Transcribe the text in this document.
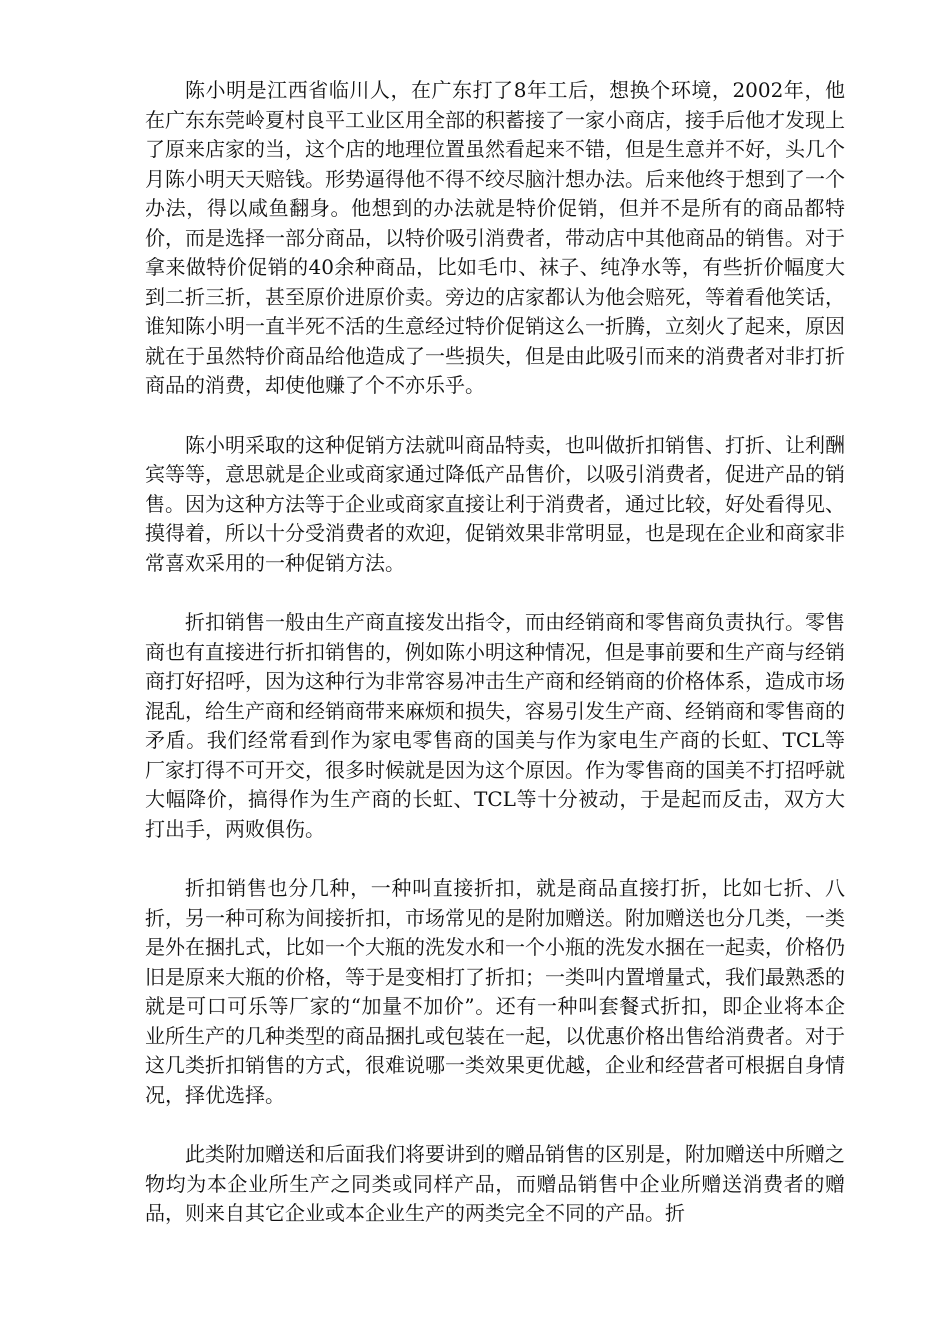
陈小明是江西省临川人，在广东打了8年工后，想换个环境，2002年，他在广东东莞岭夏村良平工业区用全部的积蓄接了一家小商店，接手后他才发现上了原来店家的当，这个店的地理位置虽然看起来不错，但是生意并不好，头几个月陈小明天天赔钱。形势逼得他不得不绞尽脑汁想办法。后来他终于想到了一个办法，得以咸鱼翻身。他想到的办法就是特价促销，但并不是所有的商品都特价，而是选择一部分商品，以特价吸引消费者，带动店中其他商品的销售。对于拿来做特价促销的40余种商品，比如毛巾、袜子、纯净水等，有些折价幅度大到二折三折，甚至原价进原价卖。旁边的店家都认为他会赔死，等着看他笑话，谁知陈小明一直半死不活的生意经过特价促销这么一折腾，立刻火了起来，原因就在于虽然特价商品给他造成了一些损失，但是由此吸引而来的消费者对非打折商品的消费，却使他赚了个不亦乐乎。

陈小明采取的这种促销方法就叫商品特卖，也叫做折扣销售、打折、让利酬宾等等，意思就是企业或商家通过降低产品售价，以吸引消费者，促进产品的销售。因为这种方法等于企业或商家直接让利于消费者，通过比较，好处看得见、摸得着，所以十分受消费者的欢迎，促销效果非常明显，也是现在企业和商家非常喜欢采用的一种促销方法。

折扣销售一般由生产商直接发出指令，而由经销商和零售商负责执行。零售商也有直接进行折扣销售的，例如陈小明这种情况，但是事前要和生产商与经销商打好招呼，因为这种行为非常容易冲击生产商和经销商的价格体系，造成市场混乱，给生产商和经销商带来麻烦和损失，容易引发生产商、经销商和零售商的矛盾。我们经常看到作为家电零售商的国美与作为家电生产商的长虹、TCL等厂家打得不可开交，很多时候就是因为这个原因。作为零售商的国美不打招呼就大幅降价，搞得作为生产商的长虹、TCL等十分被动，于是起而反击，双方大打出手，两败俱伤。

折扣销售也分几种，一种叫直接折扣，就是商品直接打折，比如七折、八折，另一种可称为间接折扣，市场常见的是附加赠送。附加赠送也分几类，一类是外在捆扎式，比如一个大瓶的洗发水和一个小瓶的洗发水捆在一起卖，价格仍旧是原来大瓶的价格，等于是变相打了折扣；一类叫内置增量式，我们最熟悉的就是可口可乐等厂家的“加量不加价”。还有一种叫套餐式折扣，即企业将本企业所生产的几种类型的商品捆扎或包装在一起，以优惠价格出售给消费者。对于这几类折扣销售的方式，很难说哪一类效果更优越，企业和经营者可根据自身情况，择优选择。

此类附加赠送和后面我们将要讲到的赠品销售的区别是，附加赠送中所赠之物均为本企业所生产之同类或同样产品，而赠品销售中企业所赠送消费者的赠品，则来自其它企业或本企业生产的两类完全不同的产品。折
